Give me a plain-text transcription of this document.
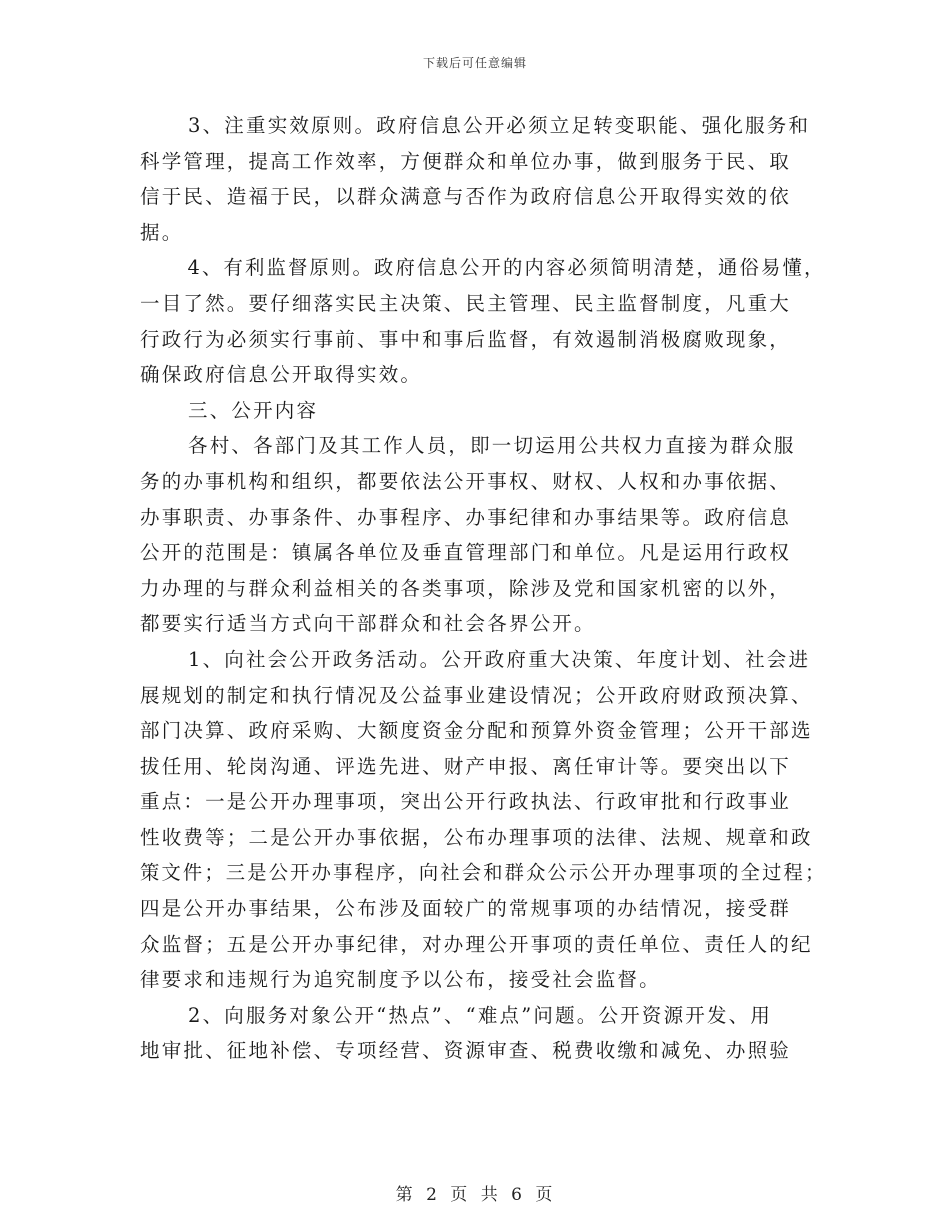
下载后可任意编辑
3、注重实效原则。政府信息公开必须立足转变职能、强化服务和
科学管理，提高工作效率，方便群众和单位办事，做到服务于民、取
信于民、造福于民，以群众满意与否作为政府信息公开取得实效的依
据。
4、有利监督原则。政府信息公开的内容必须简明清楚，通俗易懂，
一目了然。要仔细落实民主决策、民主管理、民主监督制度，凡重大
行政行为必须实行事前、事中和事后监督，有效遏制消极腐败现象，
确保政府信息公开取得实效。
三、公开内容
各村、各部门及其工作人员，即一切运用公共权力直接为群众服
务的办事机构和组织，都要依法公开事权、财权、人权和办事依据、
办事职责、办事条件、办事程序、办事纪律和办事结果等。政府信息
公开的范围是：镇属各单位及垂直管理部门和单位。凡是运用行政权
力办理的与群众利益相关的各类事项，除涉及党和国家机密的以外，
都要实行适当方式向干部群众和社会各界公开。
1、向社会公开政务活动。公开政府重大决策、年度计划、社会进
展规划的制定和执行情况及公益事业建设情况；公开政府财政预决算、
部门决算、政府采购、大额度资金分配和预算外资金管理；公开干部选
拔任用、轮岗沟通、评选先进、财产申报、离任审计等。要突出以下
重点：一是公开办理事项，突出公开行政执法、行政审批和行政事业
性收费等；二是公开办事依据，公布办理事项的法律、法规、规章和政
策文件；三是公开办事程序，向社会和群众公示公开办理事项的全过程；
四是公开办事结果，公布涉及面较广的常规事项的办结情况，接受群
众监督；五是公开办事纪律，对办理公开事项的责任单位、责任人的纪
律要求和违规行为追究制度予以公布，接受社会监督。
2、向服务对象公开“热点”、“难点”问题。公开资源开发、用
地审批、征地补偿、专项经营、资源审查、税费收缴和减免、办照验
第 2 页 共 6 页
